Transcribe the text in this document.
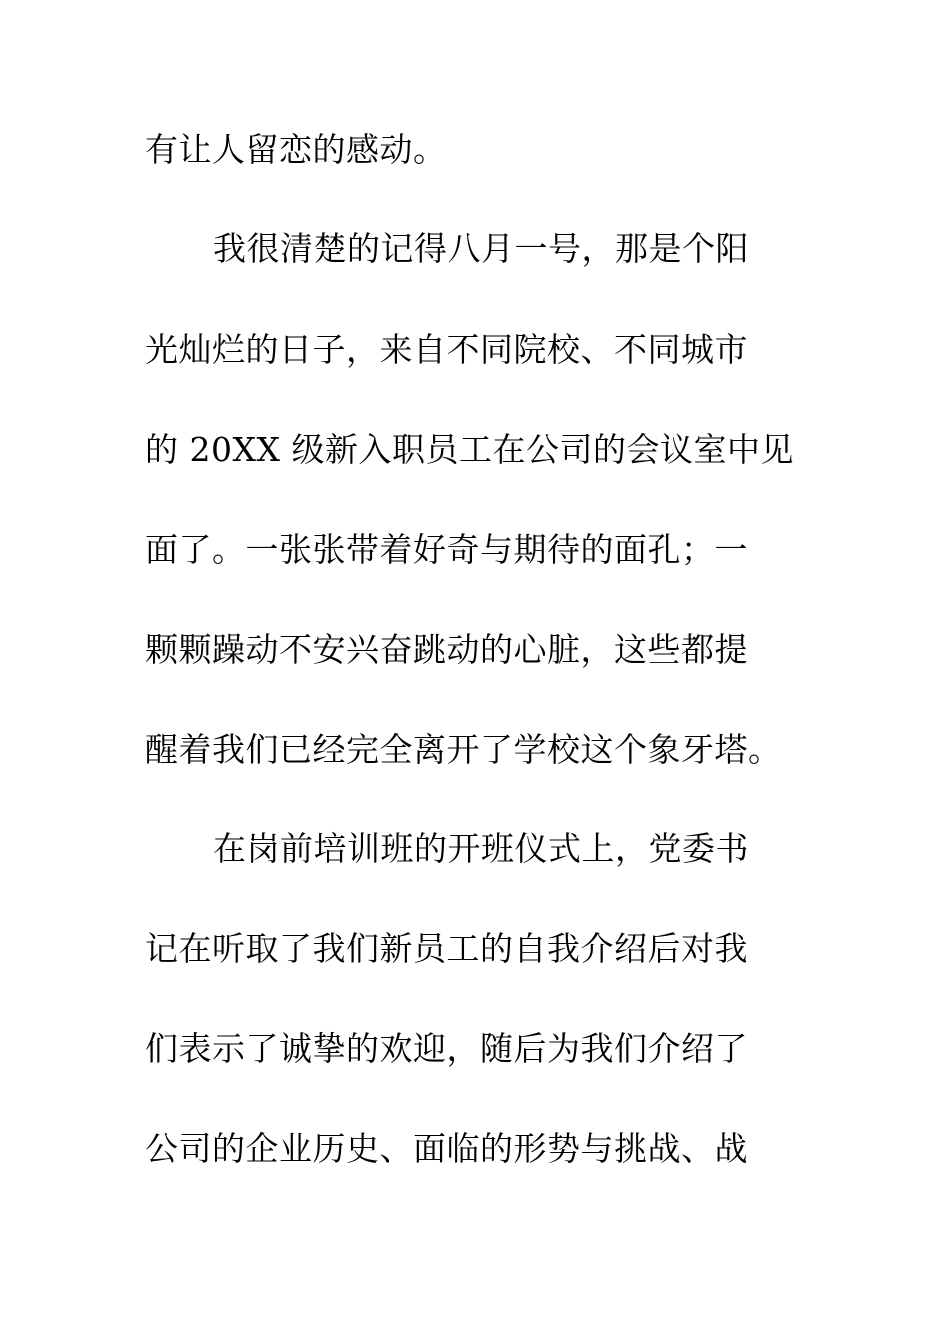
有让人留恋的感动。
我很清楚的记得八月一号，那是个阳
光灿烂的日子，来自不同院校、不同城市
的 20XX 级新入职员工在公司的会议室中见
面了。一张张带着好奇与期待的面孔；一
颗颗躁动不安兴奋跳动的心脏，这些都提
醒着我们已经完全离开了学校这个象牙塔。
在岗前培训班的开班仪式上，党委书
记在听取了我们新员工的自我介绍后对我
们表示了诚挚的欢迎，随后为我们介绍了
公司的企业历史、面临的形势与挑战、战
